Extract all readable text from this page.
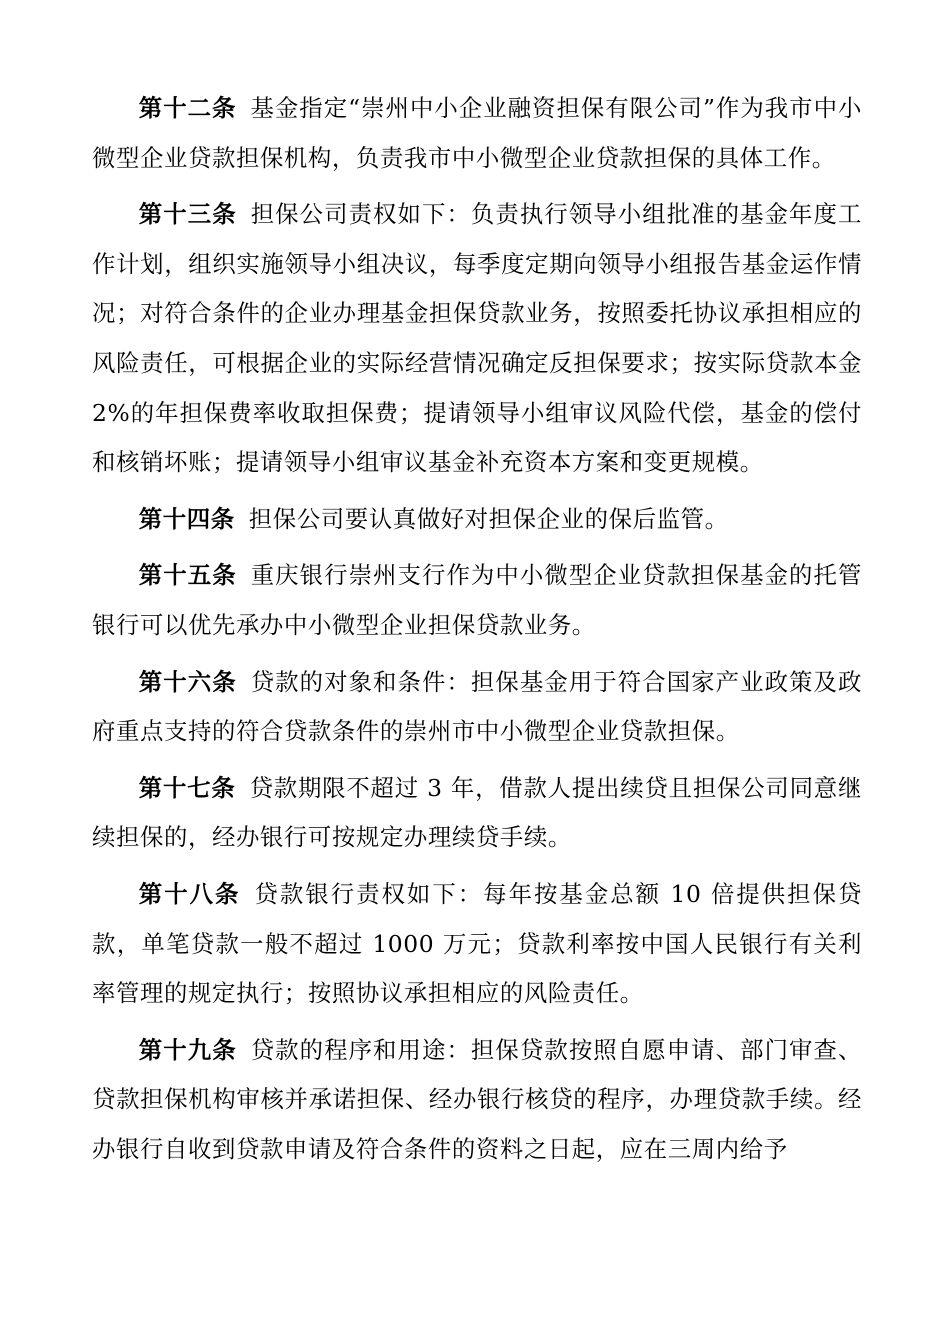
第十二条 基金指定“崇州中小企业融资担保有限公司”作为我市中小微型企业贷款担保机构，负责我市中小微型企业贷款担保的具体工作。

第十三条 担保公司责权如下：负责执行领导小组批准的基金年度工作计划，组织实施领导小组决议，每季度定期向领导小组报告基金运作情况；对符合条件的企业办理基金担保贷款业务，按照委托协议承担相应的风险责任，可根据企业的实际经营情况确定反担保要求；按实际贷款本金 2%的年担保费率收取担保费；提请领导小组审议风险代偿，基金的偿付和核销坏账；提请领导小组审议基金补充资本方案和变更规模。

第十四条 担保公司要认真做好对担保企业的保后监管。

第十五条 重庆银行崇州支行作为中小微型企业贷款担保基金的托管银行可以优先承办中小微型企业担保贷款业务。

第十六条 贷款的对象和条件：担保基金用于符合国家产业政策及政府重点支持的符合贷款条件的崇州市中小微型企业贷款担保。

第十七条 贷款期限不超过 3 年，借款人提出续贷且担保公司同意继续担保的，经办银行可按规定办理续贷手续。

第十八条 贷款银行责权如下：每年按基金总额 10 倍提供担保贷款，单笔贷款一般不超过 1000 万元；贷款利率按中国人民银行有关利率管理的规定执行；按照协议承担相应的风险责任。

第十九条 贷款的程序和用途：担保贷款按照自愿申请、部门审查、贷款担保机构审核并承诺担保、经办银行核贷的程序，办理贷款手续。经办银行自收到贷款申请及符合条件的资料之日起，应在三周内给予
